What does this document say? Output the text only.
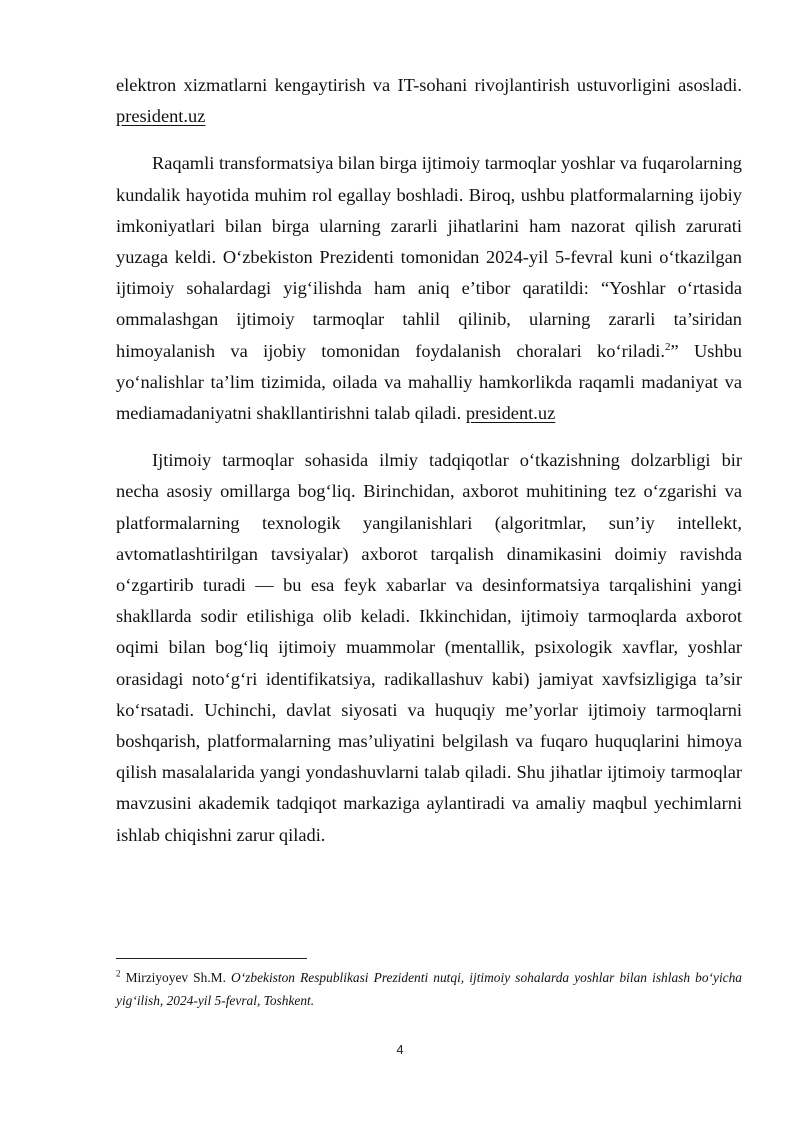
elektron xizmatlarni kengaytirish va IT-sohani rivojlantirish ustuvorligini asosladi. president.uz

Raqamli transformatsiya bilan birga ijtimoiy tarmoqlar yoshlar va fuqarolarning kundalik hayotida muhim rol egallay boshladi. Biroq, ushbu platformalarning ijobiy imkoniyatlari bilan birga ularning zararli jihatlarini ham nazorat qilish zarurati yuzaga keldi. O‘zbekiston Prezidenti tomonidan 2024-yil 5-fevral kuni o‘tkazilgan ijtimoiy sohalardagi yig‘ilishda ham aniq e’tibor qaratildi: “Yoshlar o‘rtasida ommalashgan ijtimoiy tarmoqlar tahlil qilinib, ularning zararli ta’siridan himoyalanish va ijobiy tomonidan foydalanish choralari ko‘riladi.$^2$” Ushbu yo‘nalishlar ta’lim tizimida, oilada va mahalliy hamkorlikda raqamli madaniyat va mediamadaniyatni shakllantirishni talab qiladi. president.uz

Ijtimoiy tarmoqlar sohasida ilmiy tadqiqotlar o‘tkazishning dolzarbligi bir necha asosiy omillarga bog‘liq. Birinchidan, axborot muhitining tez o‘zgarishi va platformalarning texnologik yangilanishlari (algoritmlar, sun’iy intellekt, avtomatlashtirilgan tavsiyalar) axborot tarqalish dinamikasini doimiy ravishda o‘zgartirib turadi — bu esa feyk xabarlar va desinformatsiya tarqalishini yangi shakllarda sodir etilishiga olib keladi. Ikkinchidan, ijtimoiy tarmoqlarda axborot oqimi bilan bog‘liq ijtimoiy muammolar (mentallik, psixologik xavflar, yoshlar orasidagi noto‘g‘ri identifikatsiya, radikallashuv kabi) jamiyat xavfsizligiga ta’sir ko‘rsatadi. Uchinchi, davlat siyosati va huquqiy me’yorlar ijtimoiy tarmoqlarni boshqarish, platformalarning mas’uliyatini belgilash va fuqaro huquqlarini himoya qilish masalalarida yangi yondashuvlarni talab qiladi. Shu jihatlar ijtimoiy tarmoqlar mavzusini akademik tadqiqot markaziga aylantiradi va amaliy maqbul yechimlarni ishlab chiqishni zarur qiladi.

$^2$ Mirziyoyev Sh.M. O‘zbekiston Respublikasi Prezidenti nutqi, ijtimoiy sohalarda yoshlar bilan ishlash bo‘yicha yig‘ilish, 2024-yil 5-fevral, Toshkent.

4
